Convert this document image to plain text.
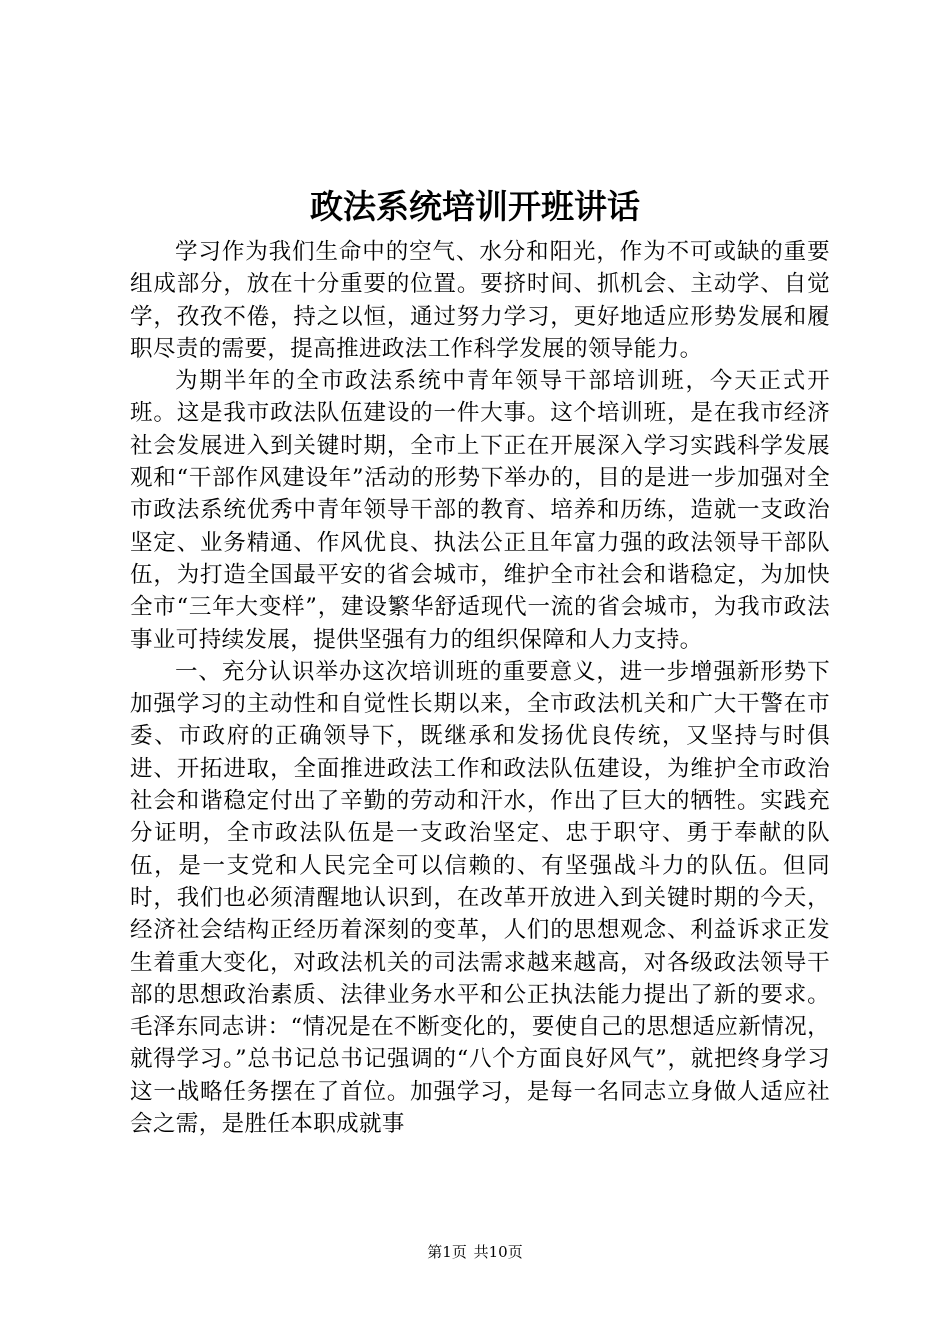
政法系统培训开班讲话

学习作为我们生命中的空气、水分和阳光，作为不可或缺的重要组成部分，放在十分重要的位置。要挤时间、抓机会、主动学、自觉学，孜孜不倦，持之以恒，通过努力学习，更好地适应形势发展和履职尽责的需要，提高推进政法工作科学发展的领导能力。

为期半年的全市政法系统中青年领导干部培训班，今天正式开班。这是我市政法队伍建设的一件大事。这个培训班，是在我市经济社会发展进入到关键时期，全市上下正在开展深入学习实践科学发展观和“干部作风建设年”活动的形势下举办的，目的是进一步加强对全市政法系统优秀中青年领导干部的教育、培养和历练，造就一支政治坚定、业务精通、作风优良、执法公正且年富力强的政法领导干部队伍，为打造全国最平安的省会城市，维护全市社会和谐稳定，为加快全市“三年大变样”，建设繁华舒适现代一流的省会城市，为我市政法事业可持续发展，提供坚强有力的组织保障和人力支持。

一、充分认识举办这次培训班的重要意义，进一步增强新形势下加强学习的主动性和自觉性长期以来，全市政法机关和广大干警在市委、市政府的正确领导下，既继承和发扬优良传统，又坚持与时俱进、开拓进取，全面推进政法工作和政法队伍建设，为维护全市政治社会和谐稳定付出了辛勤的劳动和汗水，作出了巨大的牺牲。实践充分证明，全市政法队伍是一支政治坚定、忠于职守、勇于奉献的队伍，是一支党和人民完全可以信赖的、有坚强战斗力的队伍。但同时，我们也必须清醒地认识到，在改革开放进入到关键时期的今天，经济社会结构正经历着深刻的变革，人们的思想观念、利益诉求正发生着重大变化，对政法机关的司法需求越来越高，对各级政法领导干部的思想政治素质、法律业务水平和公正执法能力提出了新的要求。毛泽东同志讲：“情况是在不断变化的，要使自己的思想适应新情况，就得学习。”总书记总书记强调的“八个方面良好风气”，就把终身学习这一战略任务摆在了首位。加强学习，是每一名同志立身做人适应社会之需，是胜任本职成就事

第1页 共10页
